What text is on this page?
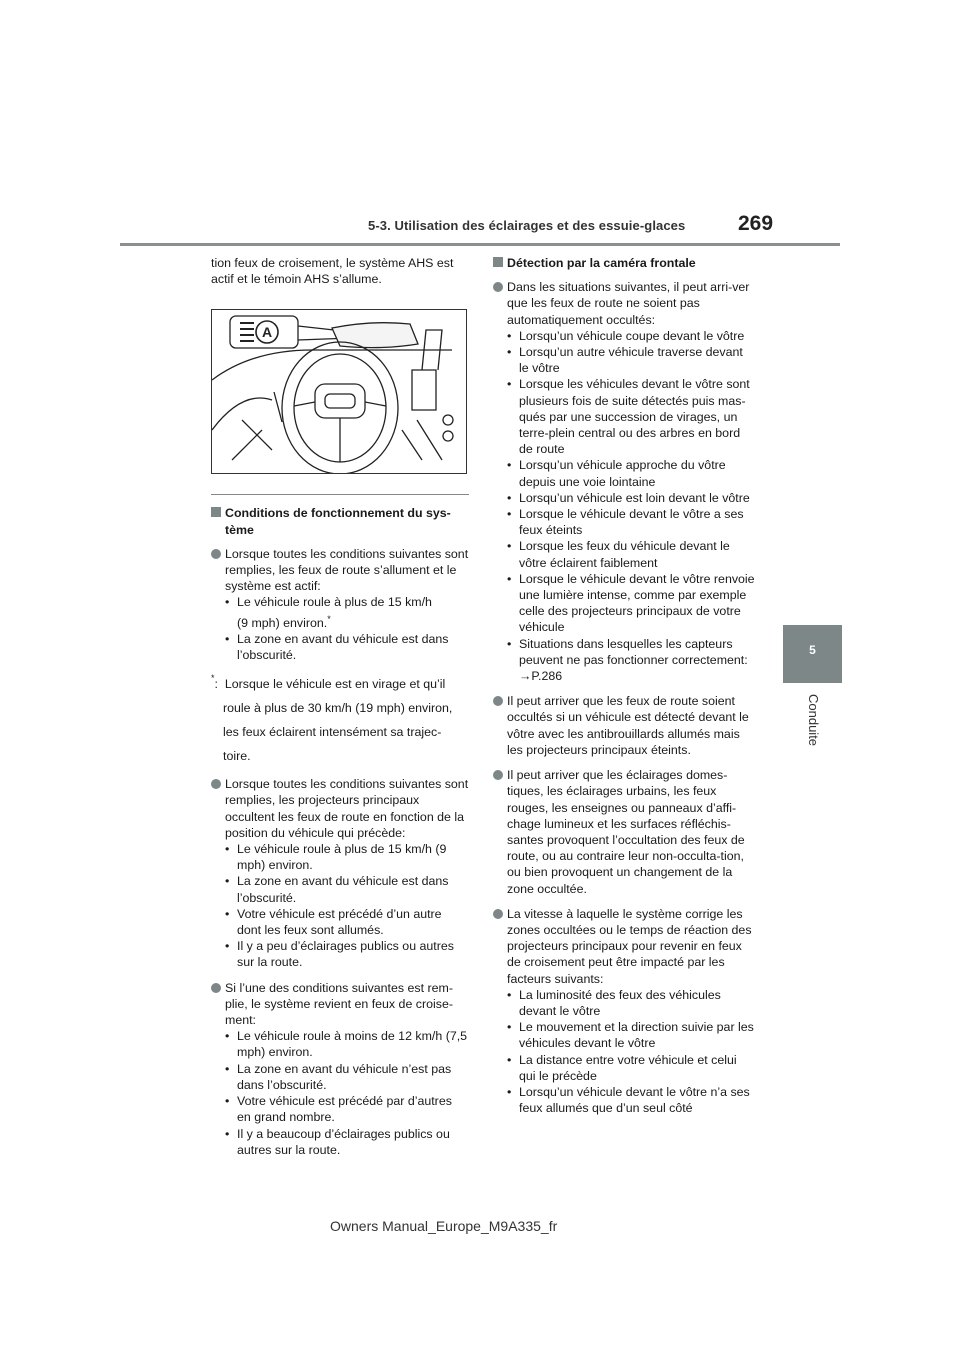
5-3. Utilisation des éclairages et des essuie-glaces	269
5
Conduite

tion feux de croisement, le système AHS est actif et le témoin AHS s’allume.

A

Conditions de fonctionnement du sys-tème

Lorsque toutes les conditions suivantes sont remplies, les feux de route s’allument et le système est actif:

• Le véhicule roule à plus de 15 km/h

(9 mph) environ.*

• La zone en avant du véhicule est dans l’obscurité.

*: Lorsque le véhicule est en virage et qu’il
roule à plus de 30 km/h (19 mph) environ,
les feux éclairent intensément sa trajec-
toire.

Lorsque toutes les conditions suivantes sont remplies, les projecteurs principaux occultent les feux de route en fonction de la position du véhicule qui précède:

• Le véhicule roule à plus de 15 km/h (9 mph) environ.

• La zone en avant du véhicule est dans l’obscurité.

• Votre véhicule est précédé d’un autre dont les feux sont allumés.

• Il y a peu d’éclairages publics ou autres sur la route.

Si l’une des conditions suivantes est rem-plie, le système revient en feux de croise-ment:

• Le véhicule roule à moins de 12 km/h (7,5 mph) environ.

• La zone en avant du véhicule n’est pas dans l’obscurité.

• Votre véhicule est précédé par d’autres en grand nombre.

• Il y a beaucoup d’éclairages publics ou autres sur la route.

Détection par la caméra frontale

Dans les situations suivantes, il peut arri-ver que les feux de route ne soient pas automatiquement occultés:

• Lorsqu’un véhicule coupe devant le vôtre

• Lorsqu’un autre véhicule traverse devant le vôtre

• Lorsque les véhicules devant le vôtre sont plusieurs fois de suite détectés puis mas-qués par une succession de virages, un terre-plein central ou des arbres en bord de route

• Lorsqu’un véhicule approche du vôtre depuis une voie lointaine

• Lorsqu’un véhicule est loin devant le vôtre

• Lorsque le véhicule devant le vôtre a ses feux éteints

• Lorsque les feux du véhicule devant le vôtre éclairent faiblement

• Lorsque le véhicule devant le vôtre renvoie une lumière intense, comme par exemple celle des projecteurs principaux de votre véhicule

• Situations dans lesquelles les capteurs peuvent ne pas fonctionner correctement:

→P.286

Il peut arriver que les feux de route soient occultés si un véhicule est détecté devant le vôtre avec les antibrouillards allumés mais les projecteurs principaux éteints.

Il peut arriver que les éclairages domes-tiques, les éclairages urbains, les feux rouges, les enseignes ou panneaux d’affi-chage lumineux et les surfaces réfléchis-santes provoquent l’occultation des feux de route, ou au contraire leur non-occulta-tion, ou bien provoquent un changement de la zone occultée.

La vitesse à laquelle le système corrige les zones occultées ou le temps de réaction des projecteurs principaux pour revenir en feux de croisement peut être impacté par les facteurs suivants:

• La luminosité des feux des véhicules devant le vôtre

• Le mouvement et la direction suivie par les véhicules devant le vôtre

• La distance entre votre véhicule et celui qui le précède

• Lorsqu’un véhicule devant le vôtre n’a ses feux allumés que d’un seul côté

Owners Manual_Europe_M9A335_fr
